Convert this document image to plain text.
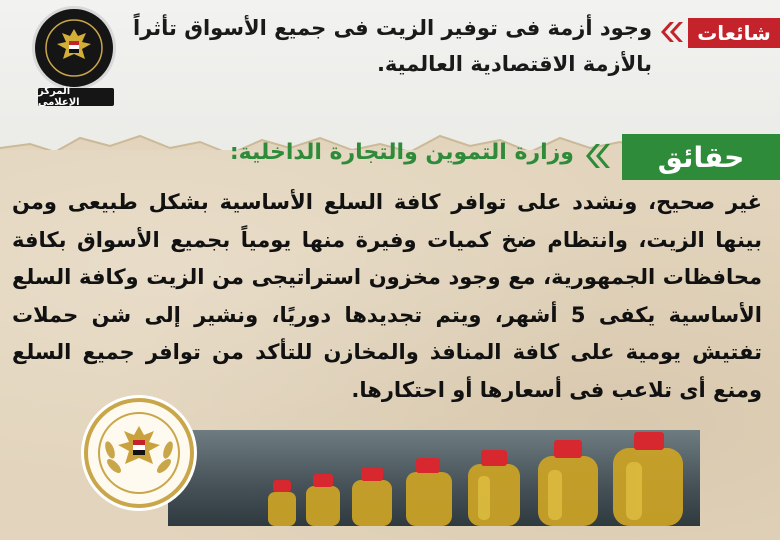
شائعات
وجود أزمة فى توفير الزيت فى جميع الأسواق تأثراً بالأزمة الاقتصادية العالمية.
المركز الإعلامى
حقائق
وزارة التموين والتجارة الداخلية:
غير صحيح، ونشدد على توافر كافة السلع الأساسية بشكل طبيعى ومن بينها الزيت، وانتظام ضخ كميات وفيرة منها يومياً بجميع الأسواق بكافة محافظات الجمهورية، مع وجود مخزون استراتيجى من الزيت وكافة السلع الأساسية يكفى 5 أشهر، ويتم تجديدها دوريًا، ونشير إلى شن حملات تفتيش يومية على كافة المنافذ والمخازن للتأكد من توافر جميع السلع ومنع أى تلاعب فى أسعارها أو احتكارها.
